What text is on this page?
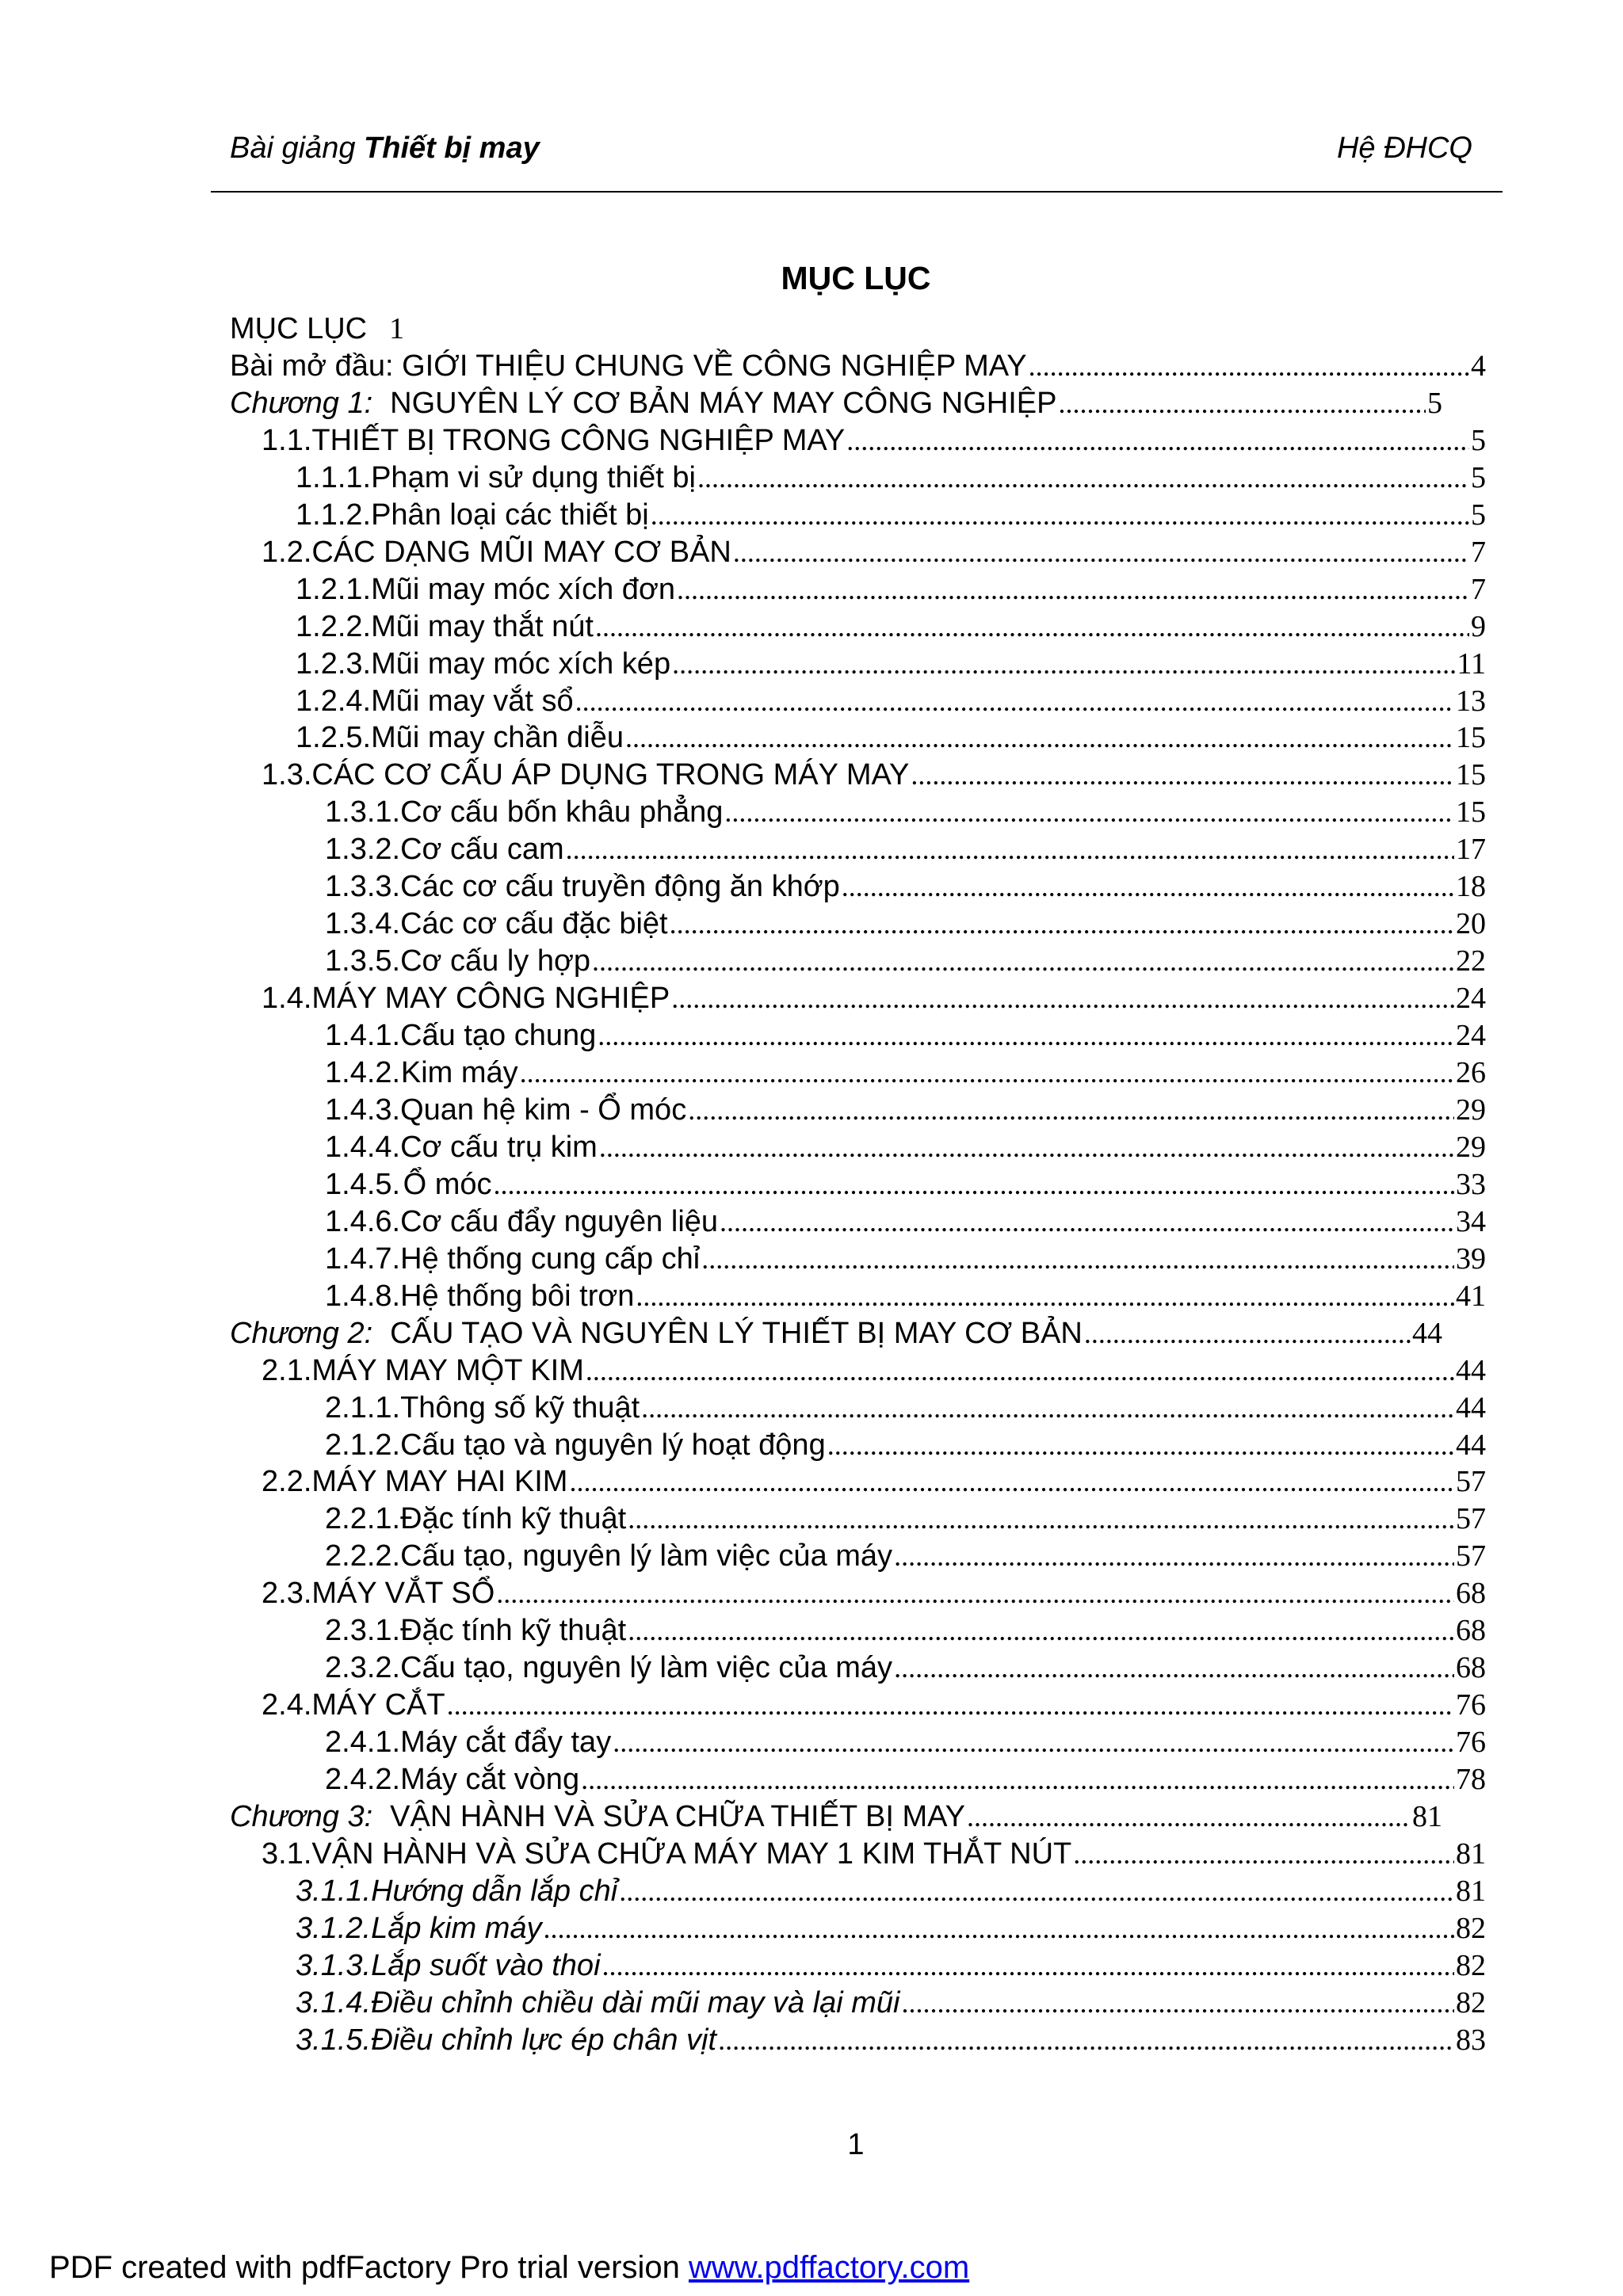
Bài giảng Thiết bị may	Hệ ĐHCQ
MỤC LỤC
MỤC LỤC 1
Bài mở đầu: GIỚI THIỆU CHUNG VỀ CÔNG NGHIỆP MAY .....	4
Chương 1: NGUYÊN LÝ CƠ BẢN MÁY MAY CÔNG NGHIỆP .....	5
1.1. THIẾT BỊ TRONG CÔNG NGHIỆP MAY .....	5
1.1.1. Phạm vi sử dụng thiết bị .....	5
1.1.2. Phân loại các thiết bị .....	5
1.2. CÁC DẠNG MŨI MAY CƠ BẢN .....	7
1.2.1. Mũi may móc xích đơn .....	7
1.2.2. Mũi may thắt nút .....	9
1.2.3. Mũi may móc xích kép .....	11
1.2.4. Mũi may vắt sổ .....	13
1.2.5. Mũi may chần diễu .....	15
1.3. CÁC CƠ CẤU ÁP DỤNG TRONG MÁY MAY .....	15
1.3.1. Cơ cấu bốn khâu phẳng .....	15
1.3.2. Cơ cấu cam .....	17
1.3.3. Các cơ cấu truyền động ăn khớp .....	18
1.3.4. Các cơ cấu đặc biệt .....	20
1.3.5. Cơ cấu ly hợp .....	22
1.4. MÁY MAY CÔNG NGHIỆP .....	24
1.4.1. Cấu tạo chung .....	24
1.4.2. Kim máy .....	26
1.4.3. Quan hệ kim - Ổ móc .....	29
1.4.4. Cơ cấu trụ kim .....	29
1.4.5. Ổ móc .....	33
1.4.6. Cơ cấu đẩy nguyên liệu .....	34
1.4.7. Hệ thống cung cấp chỉ .....	39
1.4.8. Hệ thống bôi trơn .....	41
Chương 2: CẤU TẠO VÀ NGUYÊN LÝ THIẾT BỊ MAY CƠ BẢN .....	44
2.1. MÁY MAY MỘT KIM .....	44
2.1.1. Thông số kỹ thuật .....	44
2.1.2. Cấu tạo và nguyên lý hoạt động .....	44
2.2. MÁY MAY HAI KIM .....	57
2.2.1. Đặc tính kỹ thuật .....	57
2.2.2. Cấu tạo, nguyên lý làm việc của máy .....	57
2.3. MÁY VẮT SỔ .....	68
2.3.1. Đặc tính kỹ thuật .....	68
2.3.2. Cấu tạo, nguyên lý làm việc của máy .....	68
2.4. MÁY CẮT .....	76
2.4.1. Máy cắt đẩy tay .....	76
2.4.2. Máy cắt vòng .....	78
Chương 3: VẬN HÀNH VÀ SỬA CHỮA THIẾT BỊ MAY .....	81
3.1. VẬN HÀNH VÀ SỬA CHỮA MÁY MAY 1 KIM THẮT NÚT .....	81
3.1.1. Hướng dẫn lắp chỉ .....	81
3.1.2. Lắp kim máy .....	82
3.1.3. Lắp suốt vào thoi .....	82
3.1.4. Điều chỉnh chiều dài mũi may và lại mũi .....	82
3.1.5. Điều chỉnh lực ép chân vịt .....	83
1
PDF created with pdfFactory Pro trial version www.pdffactory.com
